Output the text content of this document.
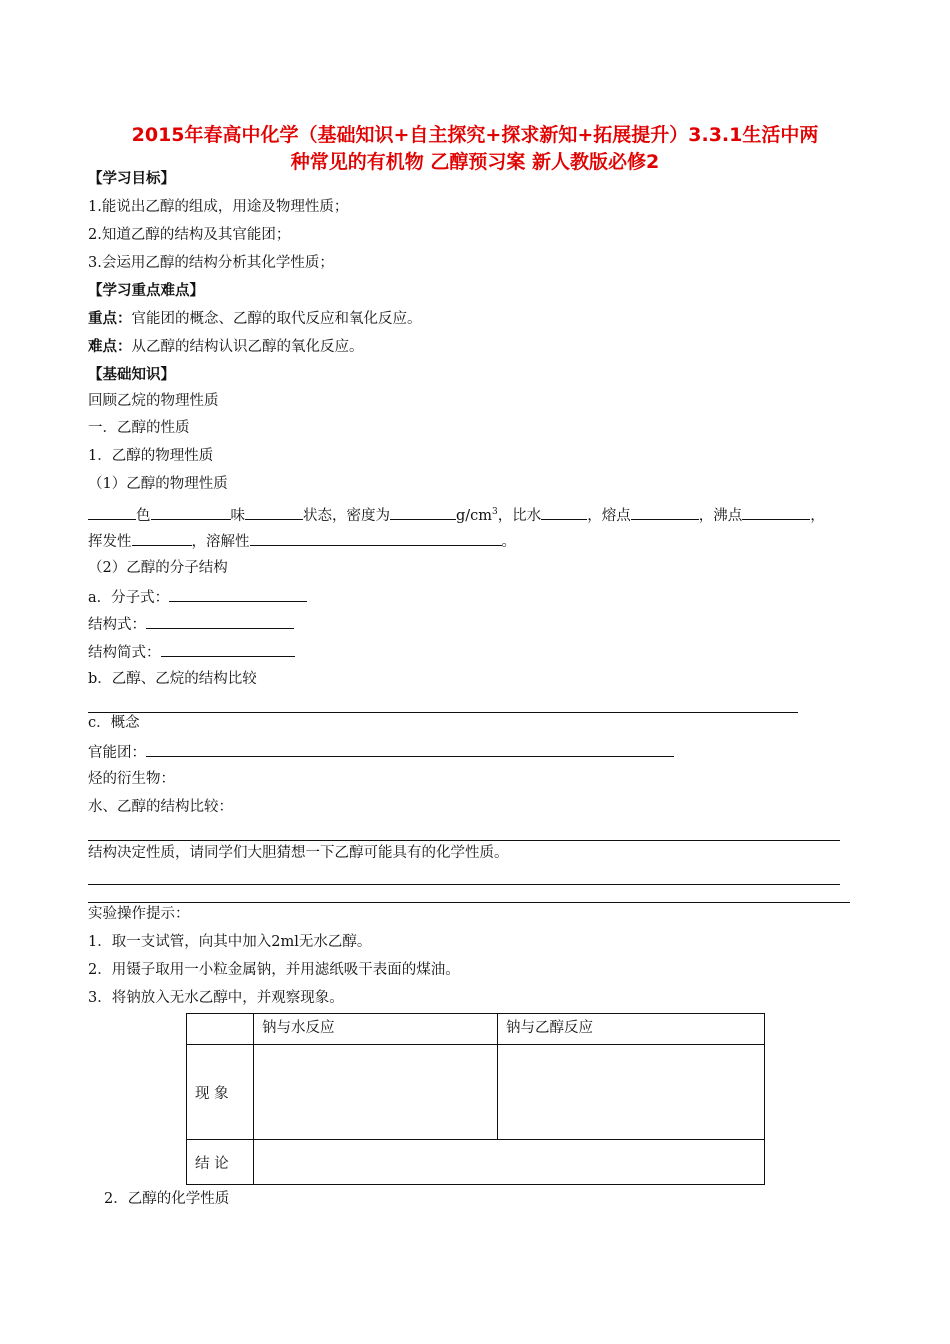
2015年春高中化学（基础知识+自主探究+探求新知+拓展提升）3.3.1生活中两
种常见的有机物 乙醇预习案 新人教版必修2
【学习目标】
1.能说出乙醇的组成，用途及物理性质；
2.知道乙醇的结构及其官能团；
3.会运用乙醇的结构分析其化学性质；
【学习重点难点】
重点：官能团的概念、乙醇的取代反应和氧化反应。
难点：从乙醇的结构认识乙醇的氧化反应。
【基础知识】
回顾乙烷的物理性质
一．乙醇的性质
1．乙醇的物理性质
（1）乙醇的物理性质
色	味	状态，密度为	$g/cm^3$，比水	，熔点	，沸点	，
挥发性	，溶解性	。
（2）乙醇的分子结构
a．分子式：
结构式：
结构简式：
b．乙醇、乙烷的结构比较
c．概念
官能团：
烃的衍生物：
水、乙醇的结构比较：
结构决定性质，请同学们大胆猜想一下乙醇可能具有的化学性质。
实验操作提示：
1．取一支试管，向其中加入2ml无水乙醇。
2．用镊子取用一小粒金属钠，并用滤纸吸干表面的煤油。
3．将钠放入无水乙醇中，并观察现象。
	钠与水反应	钠与乙醇反应
现 象		
结 论		
2．乙醇的化学性质
